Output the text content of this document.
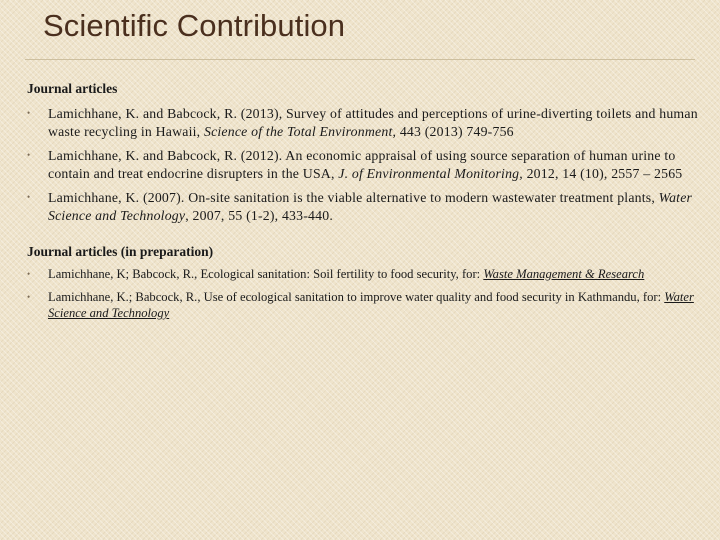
Scientific Contribution

Journal articles

• Lamichhane, K. and Babcock, R. (2013), Survey of attitudes and perceptions of urine-diverting toilets and human waste recycling in Hawaii, Science of the Total Environment, 443 (2013) 749-756
• Lamichhane, K. and Babcock, R. (2012). An economic appraisal of using source separation of human urine to contain and treat endocrine disrupters in the USA, J. of Environmental Monitoring, 2012, 14 (10), 2557 – 2565
• Lamichhane, K. (2007). On-site sanitation is the viable alternative to modern wastewater treatment plants, Water Science and Technology, 2007, 55 (1-2), 433-440.

Journal articles (in preparation)

• Lamichhane, K; Babcock, R., Ecological sanitation: Soil fertility to food security, for: Waste Management & Research
• Lamichhane, K.; Babcock, R., Use of ecological sanitation to improve water quality and food security in Kathmandu, for: Water Science and Technology
